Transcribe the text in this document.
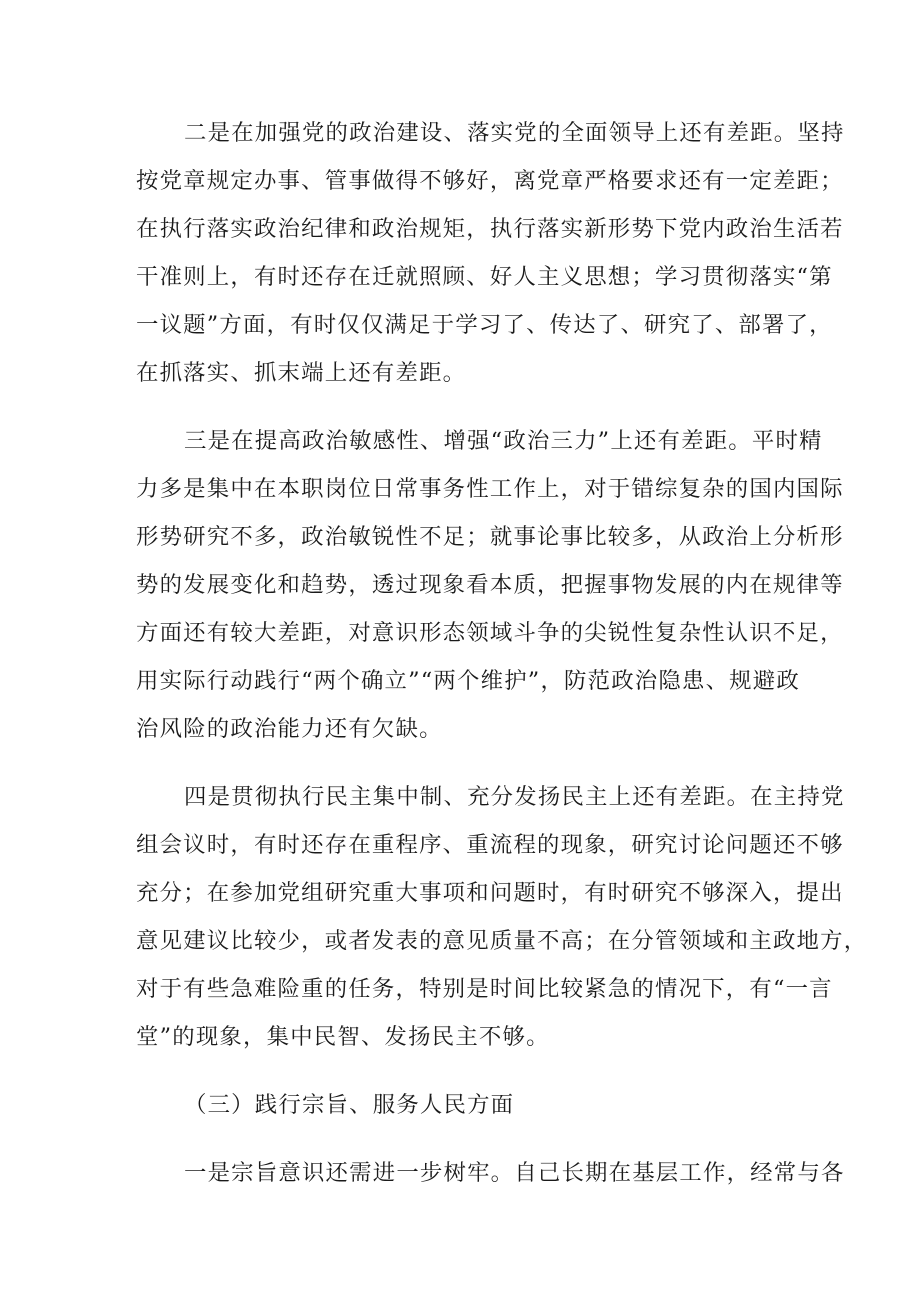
二是在加强党的政治建设、落实党的全面领导上还有差距。坚持
按党章规定办事、管事做得不够好，离党章严格要求还有一定差距；
在执行落实政治纪律和政治规矩，执行落实新形势下党内政治生活若
干准则上，有时还存在迁就照顾、好人主义思想；学习贯彻落实“第
一议题”方面，有时仅仅满足于学习了、传达了、研究了、部署了，
在抓落实、抓末端上还有差距。
三是在提高政治敏感性、增强“政治三力”上还有差距。平时精
力多是集中在本职岗位日常事务性工作上，对于错综复杂的国内国际
形势研究不多，政治敏锐性不足；就事论事比较多，从政治上分析形
势的发展变化和趋势，透过现象看本质，把握事物发展的内在规律等
方面还有较大差距，对意识形态领域斗争的尖锐性复杂性认识不足，
用实际行动践行“两个确立”“两个维护”，防范政治隐患、规避政
治风险的政治能力还有欠缺。
四是贯彻执行民主集中制、充分发扬民主上还有差距。在主持党
组会议时，有时还存在重程序、重流程的现象，研究讨论问题还不够
充分；在参加党组研究重大事项和问题时，有时研究不够深入，提出
意见建议比较少，或者发表的意见质量不高；在分管领域和主政地方，
对于有些急难险重的任务，特别是时间比较紧急的情况下，有“一言
堂”的现象，集中民智、发扬民主不够。
（三）践行宗旨、服务人民方面
一是宗旨意识还需进一步树牢。自己长期在基层工作，经常与各
